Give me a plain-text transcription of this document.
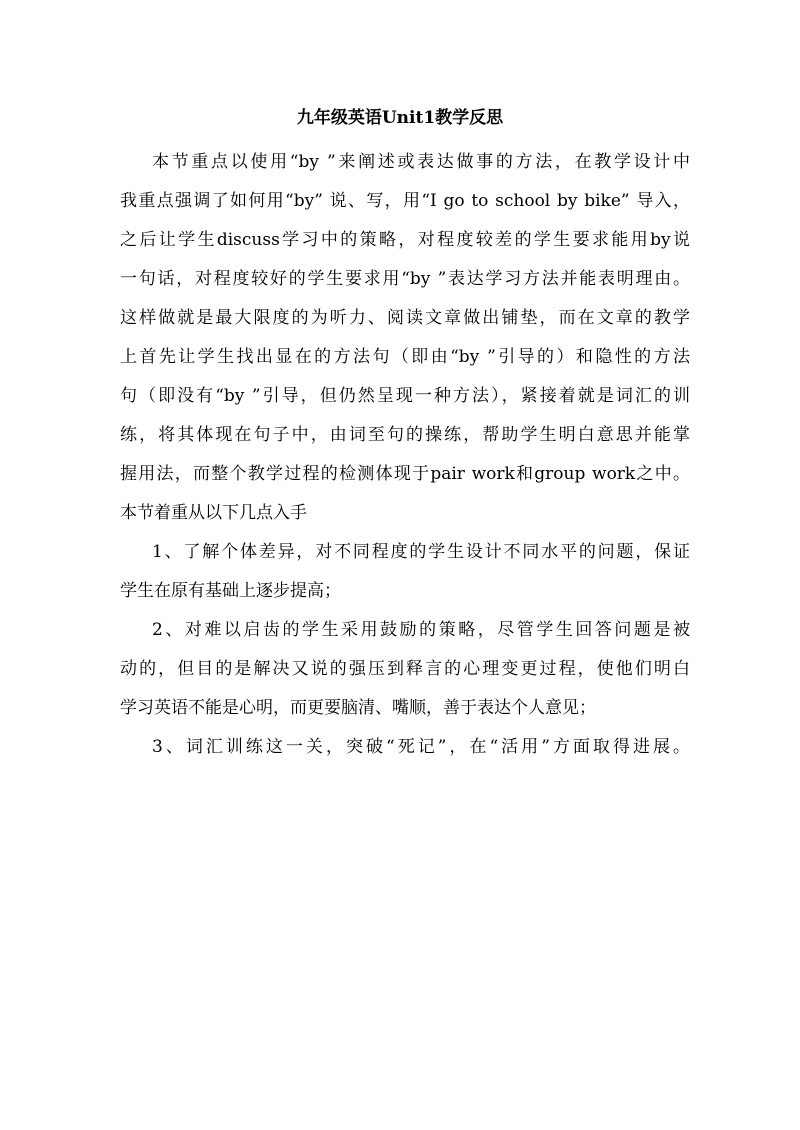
九年级英语Unit1教学反思
本节重点以使用“by ”来阐述或表达做事的方法，在教学设计中
我重点强调了如何用“by” 说、写，用“I go to school by bike” 导入，
之后让学生discuss学习中的策略，对程度较差的学生要求能用by说
一句话，对程度较好的学生要求用“by ”表达学习方法并能表明理由。
这样做就是最大限度的为听力、阅读文章做出铺垫，而在文章的教学
上首先让学生找出显在的方法句（即由“by ”引导的）和隐性的方法
句（即没有“by ”引导，但仍然呈现一种方法），紧接着就是词汇的训
练，将其体现在句子中，由词至句的操练，帮助学生明白意思并能掌
握用法，而整个教学过程的检测体现于pair work和group work之中。
本节着重从以下几点入手
1、了解个体差异，对不同程度的学生设计不同水平的问题，保证
学生在原有基础上逐步提高；
2、对难以启齿的学生采用鼓励的策略，尽管学生回答问题是被
动的，但目的是解决又说的强压到释言的心理变更过程，使他们明白
学习英语不能是心明，而更要脑清、嘴顺，善于表达个人意见；
3、词汇训练这一关，突破“死记”，在“活用”方面取得进展。
